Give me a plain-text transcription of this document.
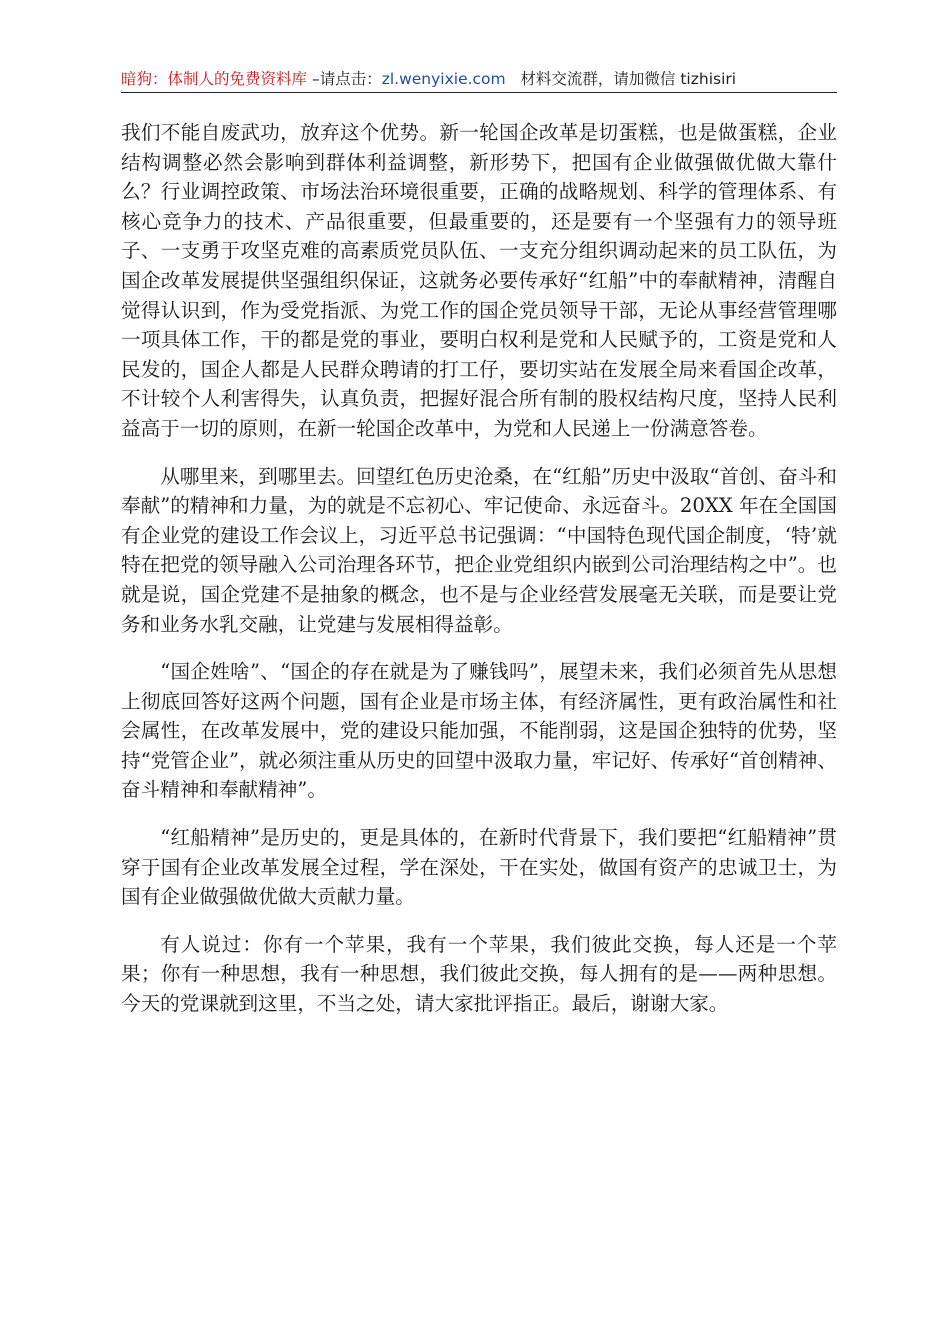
暗狗：体制人的免费资料库 –请点击：zl.wenyixie.com 材料交流群，请加微信 tizhisiri

我们不能自废武功，放弃这个优势。新一轮国企改革是切蛋糕，也是做蛋糕，企业结构调整必然会影响到群体利益调整，新形势下，把国有企业做强做优做大靠什么？行业调控政策、市场法治环境很重要，正确的战略规划、科学的管理体系、有核心竞争力的技术、产品很重要，但最重要的，还是要有一个坚强有力的领导班子、一支勇于攻坚克难的高素质党员队伍、一支充分组织调动起来的员工队伍，为国企改革发展提供坚强组织保证，这就务必要传承好“红船”中的奉献精神，清醒自觉得认识到，作为受党指派、为党工作的国企党员领导干部，无论从事经营管理哪一项具体工作，干的都是党的事业，要明白权利是党和人民赋予的，工资是党和人民发的，国企人都是人民群众聘请的打工仔，要切实站在发展全局来看国企改革，不计较个人利害得失，认真负责，把握好混合所有制的股权结构尺度，坚持人民利益高于一切的原则，在新一轮国企改革中，为党和人民递上一份满意答卷。

从哪里来，到哪里去。回望红色历史沧桑，在“红船”历史中汲取“首创、奋斗和奉献”的精神和力量，为的就是不忘初心、牢记使命、永远奋斗。20XX 年在全国国有企业党的建设工作会议上，习近平总书记强调：“中国特色现代国企制度，‘特’就特在把党的领导融入公司治理各环节，把企业党组织内嵌到公司治理结构之中”。也就是说，国企党建不是抽象的概念，也不是与企业经营发展毫无关联，而是要让党务和业务水乳交融，让党建与发展相得益彰。

“国企姓啥”、“国企的存在就是为了赚钱吗”，展望未来，我们必须首先从思想上彻底回答好这两个问题，国有企业是市场主体，有经济属性，更有政治属性和社会属性，在改革发展中，党的建设只能加强，不能削弱，这是国企独特的优势，坚持“党管企业”，就必须注重从历史的回望中汲取力量，牢记好、传承好“首创精神、奋斗精神和奉献精神”。

“红船精神”是历史的，更是具体的，在新时代背景下，我们要把“红船精神”贯穿于国有企业改革发展全过程，学在深处，干在实处，做国有资产的忠诚卫士，为国有企业做强做优做大贡献力量。

有人说过：你有一个苹果，我有一个苹果，我们彼此交换，每人还是一个苹果；你有一种思想，我有一种思想，我们彼此交换，每人拥有的是——两种思想。今天的党课就到这里，不当之处，请大家批评指正。最后，谢谢大家。
